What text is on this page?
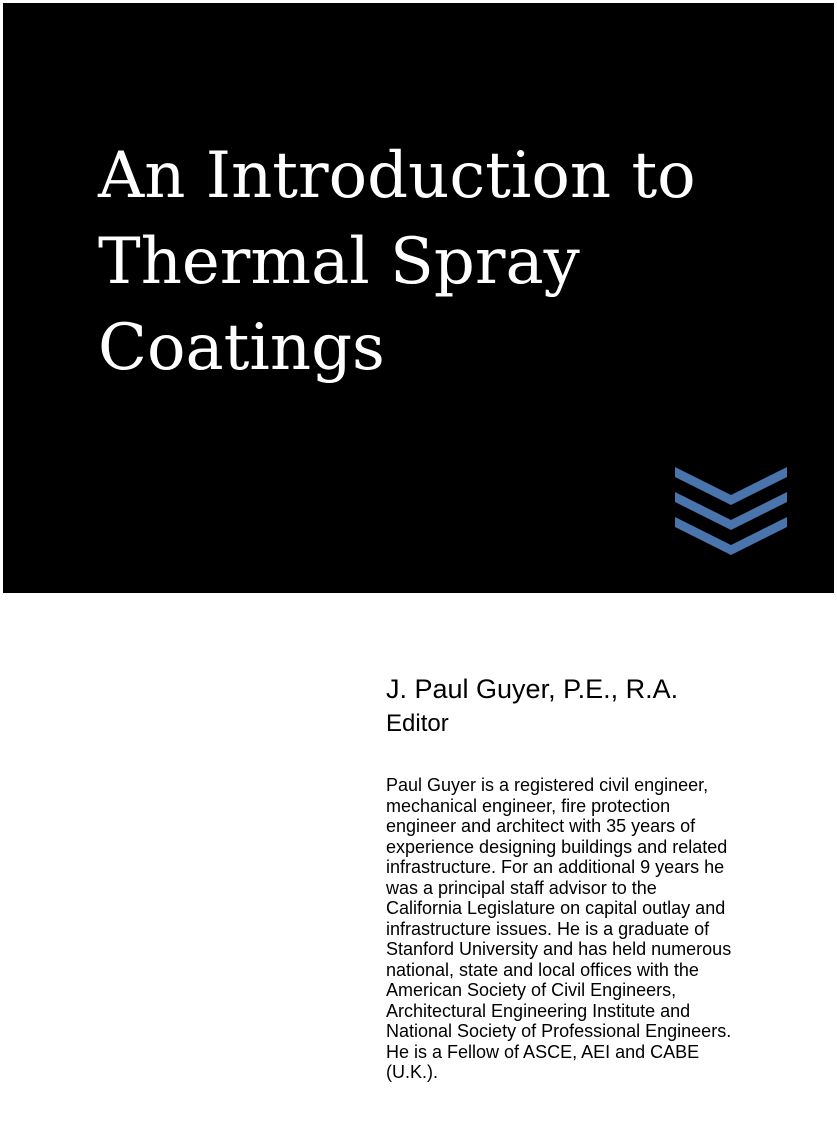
An Introduction to
Thermal Spray
Coatings
J. Paul Guyer, P.E., R.A.
Editor
Paul Guyer is a registered civil engineer,
mechanical engineer, fire protection
engineer and architect with 35 years of
experience designing buildings and related
infrastructure. For an additional 9 years he
was a principal staff advisor to the
California Legislature on capital outlay and
infrastructure issues. He is a graduate of
Stanford University and has held numerous
national, state and local offices with the
American Society of Civil Engineers,
Architectural Engineering Institute and
National Society of Professional Engineers.
He is a Fellow of ASCE, AEI and CABE
(U.K.).
